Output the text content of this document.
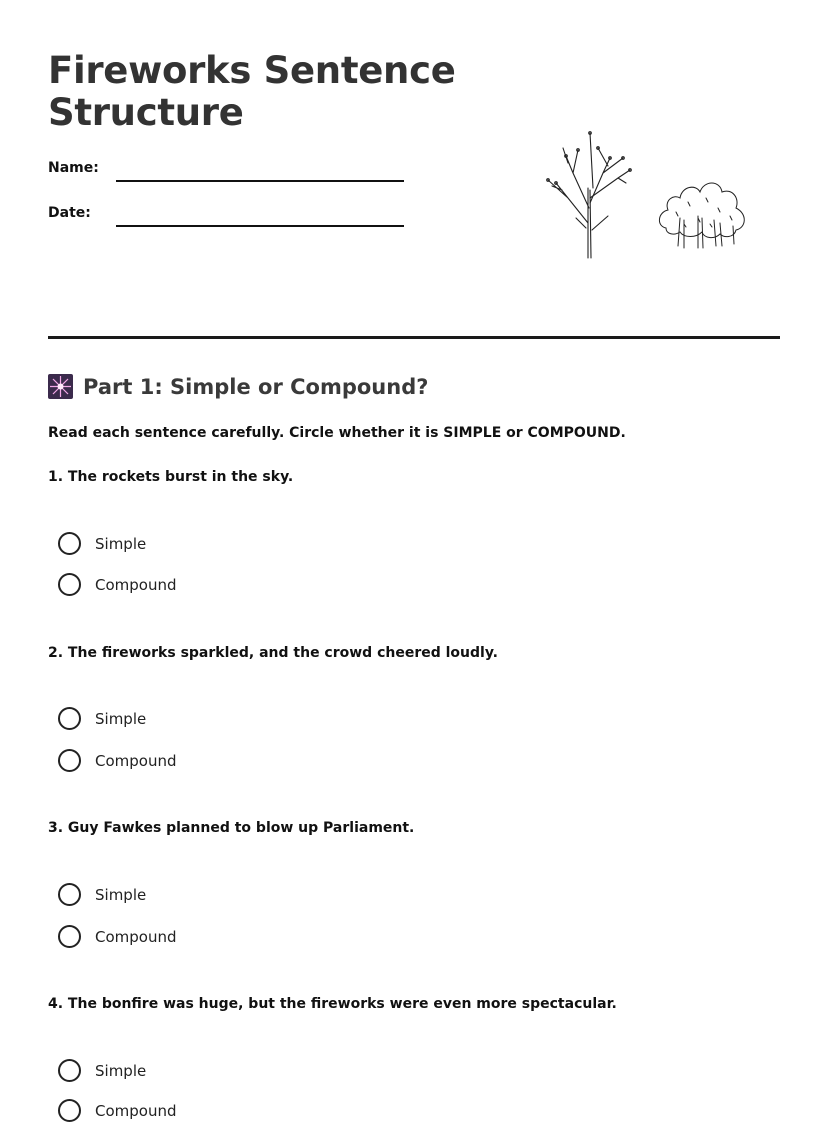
Fireworks Sentence Structure
Name:
Date:
Part 1: Simple or Compound?
Read each sentence carefully. Circle whether it is SIMPLE or COMPOUND.
1. The rockets burst in the sky.
Simple
Compound
2. The fireworks sparkled, and the crowd cheered loudly.
Simple
Compound
3. Guy Fawkes planned to blow up Parliament.
Simple
Compound
4. The bonfire was huge, but the fireworks were even more spectacular.
Simple
Compound
